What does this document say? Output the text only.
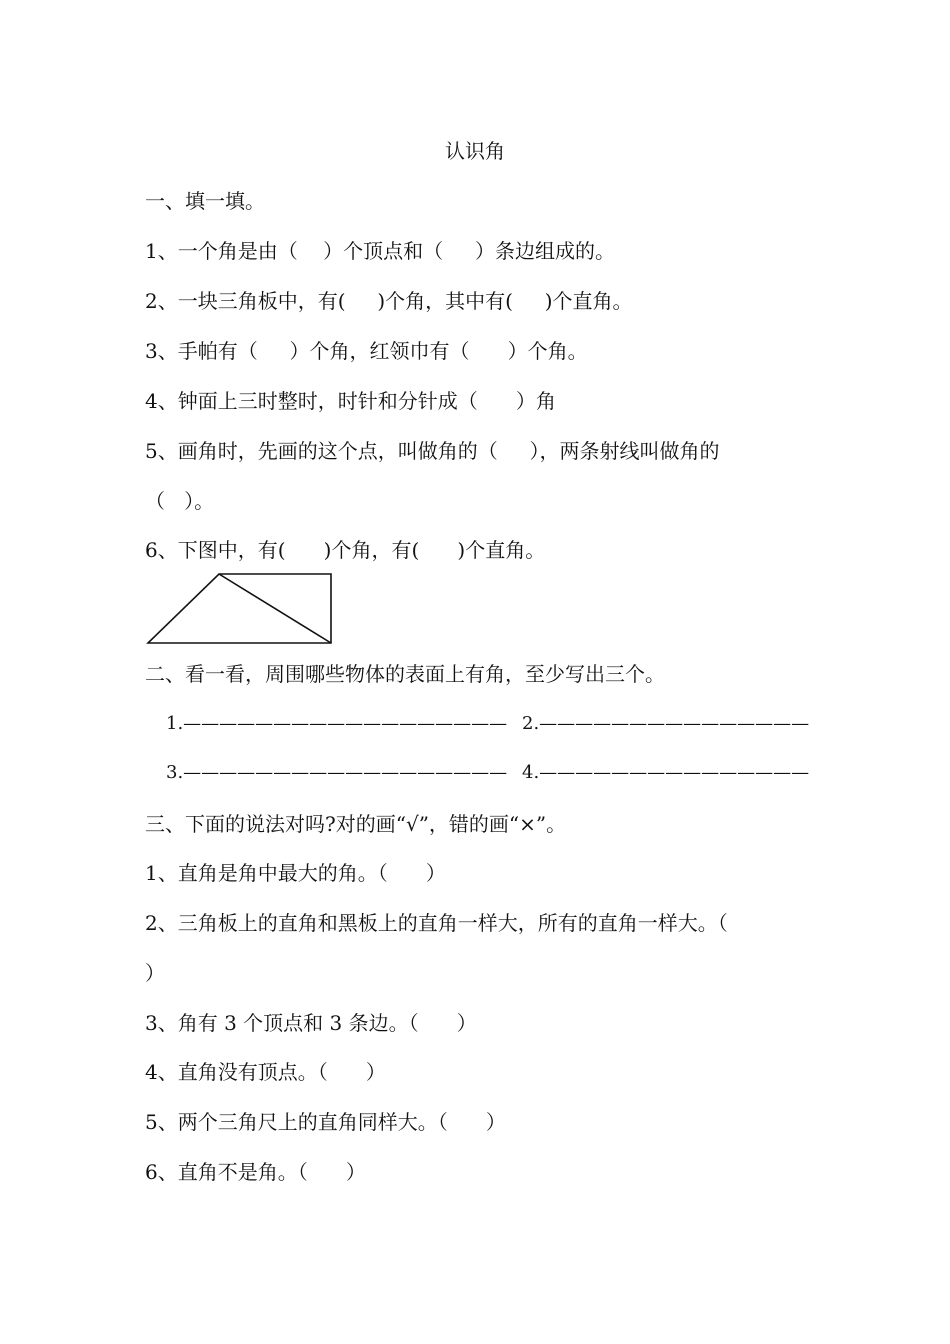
认识角
一、填一填。
1、一个角是由（    ）个顶点和（     ）条边组成的。
2、一块三角板中，有(     )个角，其中有(     )个直角。
3、手帕有（     ）个角，红领巾有（      ）个角。
4、钟面上三时整时，时针和分针成（      ）角
5、画角时，先画的这个点，叫做角的（     ），两条射线叫做角的
（   ）。
6、下图中，有(      )个角，有(      )个直角。
二、看一看，周围哪些物体的表面上有角，至少写出三个。
1.—————————————————— 2.———————————————
3.—————————————————— 4.———————————————
三、下面的说法对吗?对的画“√”，错的画“×”。
1、直角是角中最大的角。（      ）
2、三角板上的直角和黑板上的直角一样大，所有的直角一样大。（
）
3、角有 3 个顶点和 3 条边。（      ）
4、直角没有顶点。（      ）
5、两个三角尺上的直角同样大。（      ）
6、直角不是角。（      ）
